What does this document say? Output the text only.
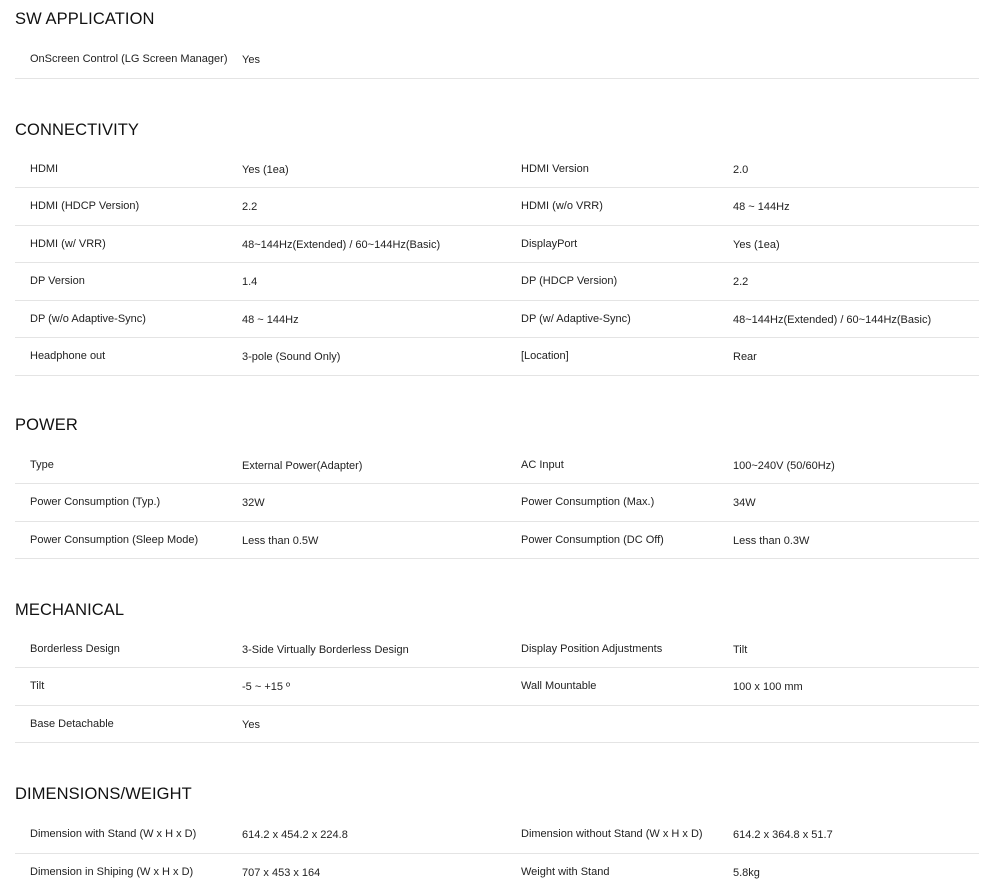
SW APPLICATION
OnScreen Control (LG Screen Manager) Yes
CONNECTIVITY
HDMI	Yes (1ea)	HDMI Version	2.0
HDMI (HDCP Version)	2.2	HDMI (w/o VRR)	48 ~ 144Hz
HDMI (w/ VRR)	48~144Hz(Extended) / 60~144Hz(Basic)	DisplayPort	Yes (1ea)
DP Version	1.4	DP (HDCP Version)	2.2
DP (w/o Adaptive-Sync)	48 ~ 144Hz	DP (w/ Adaptive-Sync)	48~144Hz(Extended) / 60~144Hz(Basic)
Headphone out	3-pole (Sound Only)	[Location]	Rear
POWER
Type	External Power(Adapter)	AC Input	100~240V (50/60Hz)
Power Consumption (Typ.)	32W	Power Consumption (Max.)	34W
Power Consumption (Sleep Mode)	Less than 0.5W	Power Consumption (DC Off)	Less than 0.3W
MECHANICAL
Borderless Design	3-Side Virtually Borderless Design	Display Position Adjustments	Tilt
Tilt	-5 ~ +15 º	Wall Mountable	100 x 100 mm
Base Detachable	Yes
DIMENSIONS/WEIGHT
Dimension with Stand (W x H x D)	614.2 x 454.2 x 224.8	Dimension without Stand (W x H x D)	614.2 x 364.8 x 51.7
Dimension in Shiping (W x H x D)	707 x 453 x 164	Weight with Stand	5.8kg
